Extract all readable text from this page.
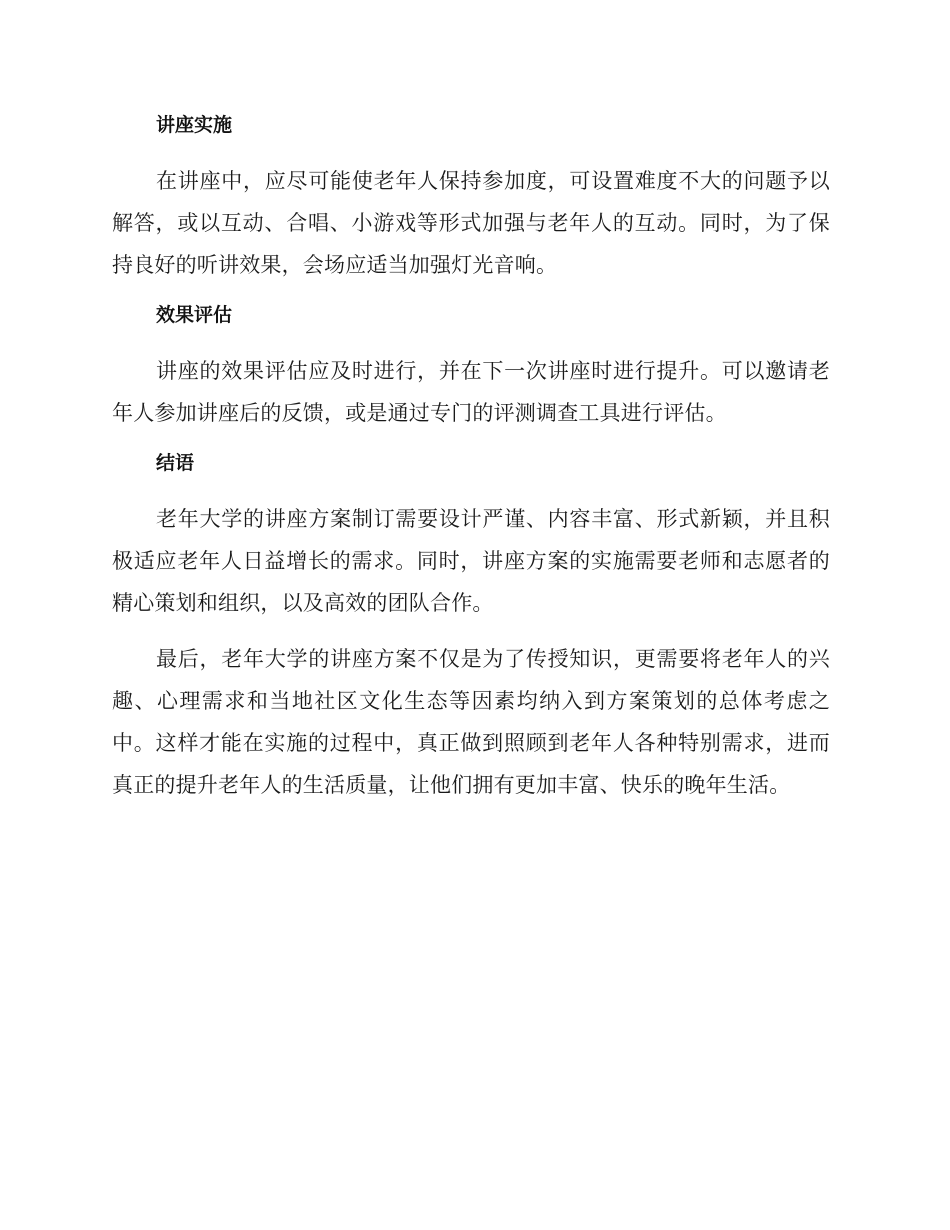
讲座实施

在讲座中，应尽可能使老年人保持参加度，可设置难度不大的问题予以解答，或以互动、合唱、小游戏等形式加强与老年人的互动。同时，为了保持良好的听讲效果，会场应适当加强灯光音响。

效果评估

讲座的效果评估应及时进行，并在下一次讲座时进行提升。可以邀请老年人参加讲座后的反馈，或是通过专门的评测调查工具进行评估。

结语

老年大学的讲座方案制订需要设计严谨、内容丰富、形式新颖，并且积极适应老年人日益增长的需求。同时，讲座方案的实施需要老师和志愿者的精心策划和组织，以及高效的团队合作。

最后，老年大学的讲座方案不仅是为了传授知识，更需要将老年人的兴趣、心理需求和当地社区文化生态等因素均纳入到方案策划的总体考虑之中。这样才能在实施的过程中，真正做到照顾到老年人各种特别需求，进而真正的提升老年人的生活质量，让他们拥有更加丰富、快乐的晚年生活。
